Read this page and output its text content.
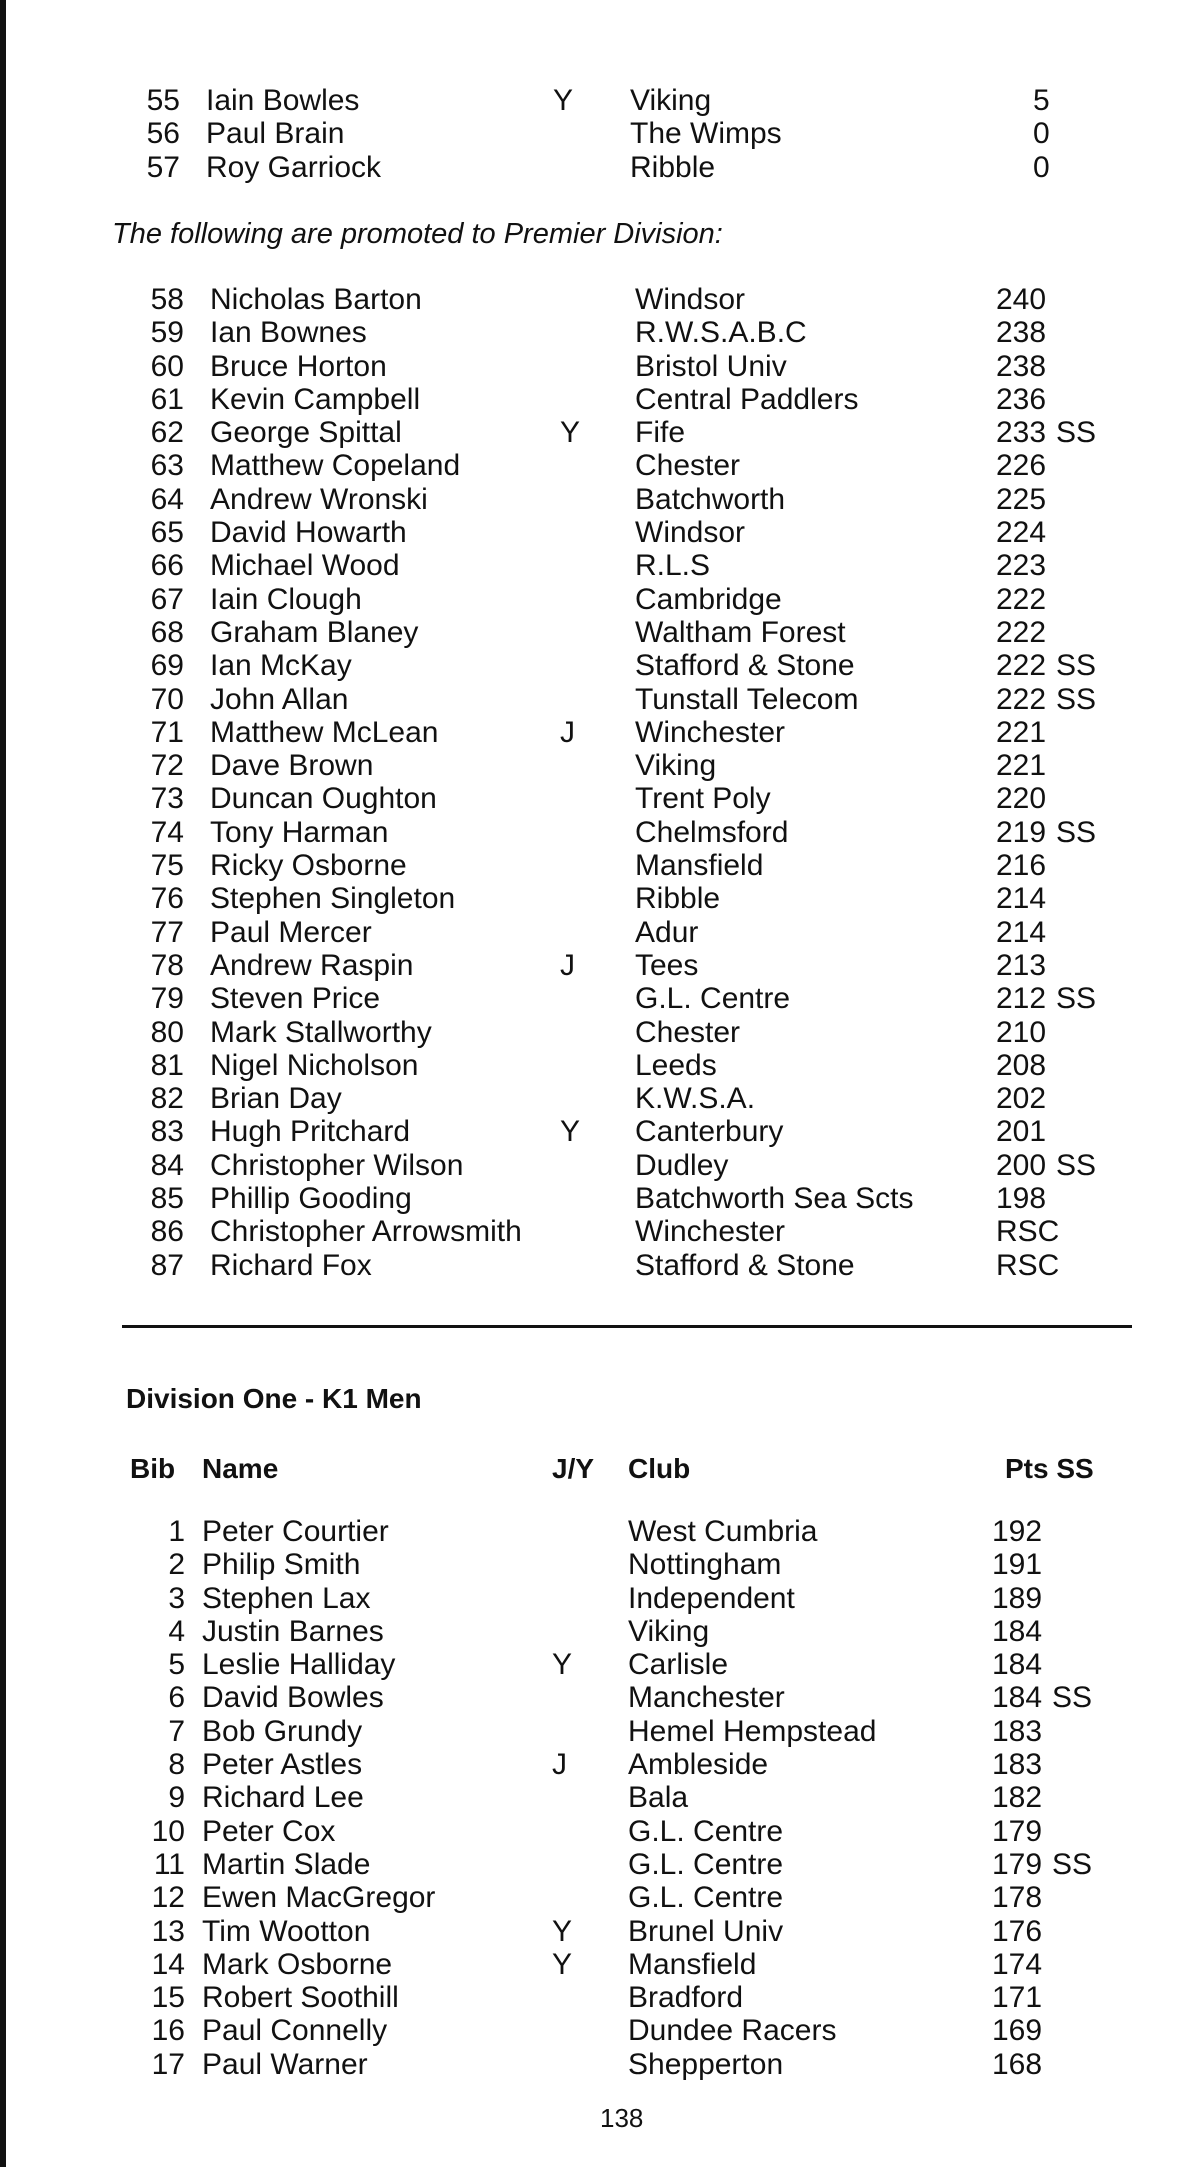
55 Iain Bowles	Y Viking	5
56 Paul Brain	The Wimps	0
57 Roy Garriock	Ribble	0
The following are promoted to Premier Division:
58 Nicholas Barton	Windsor	240
59 Ian Bownes	R.W.S.A.B.C	238
60 Bruce Horton	Bristol Univ	238
61 Kevin Campbell	Central Paddlers	236
62 George Spittal	Y Fife	233 SS
63 Matthew Copeland	Chester	226
64 Andrew Wronski	Batchworth	225
65 David Howarth	Windsor	224
66 Michael Wood	R.L.S	223
67 Iain Clough	Cambridge	222
68 Graham Blaney	Waltham Forest	222
69 Ian McKay	Stafford & Stone	222 SS
70 John Allan	Tunstall Telecom	222 SS
71 Matthew McLean	J Winchester	221
72 Dave Brown	Viking	221
73 Duncan Oughton	Trent Poly	220
74 Tony Harman	Chelmsford	219 SS
75 Ricky Osborne	Mansfield	216
76 Stephen Singleton	Ribble	214
77 Paul Mercer	Adur	214
78 Andrew Raspin	J Tees	213
79 Steven Price	G.L. Centre	212 SS
80 Mark Stallworthy	Chester	210
81 Nigel Nicholson	Leeds	208
82 Brian Day	K.W.S.A.	202
83 Hugh Pritchard	Y Canterbury	201
84 Christopher Wilson	Dudley	200 SS
85 Phillip Gooding	Batchworth Sea Scts	198
86 Christopher Arrowsmith	Winchester	RSC
87 Richard Fox	Stafford & Stone	RSC
Division One - K1 Men
Bib Name	J/Y Club	Pts SS
1 Peter Courtier	West Cumbria	192
2 Philip Smith	Nottingham	191
3 Stephen Lax	Independent	189
4 Justin Barnes	Viking	184
5 Leslie Halliday	Y Carlisle	184
6 David Bowles	Manchester	184 SS
7 Bob Grundy	Hemel Hempstead	183
8 Peter Astles	J Ambleside	183
9 Richard Lee	Bala	182
10 Peter Cox	G.L. Centre	179
11 Martin Slade	G.L. Centre	179 SS
12 Ewen MacGregor	G.L. Centre	178
13 Tim Wootton	Y Brunel Univ	176
14 Mark Osborne	Y Mansfield	174
15 Robert Soothill	Bradford	171
16 Paul Connelly	Dundee Racers	169
17 Paul Warner	Shepperton	168
138
